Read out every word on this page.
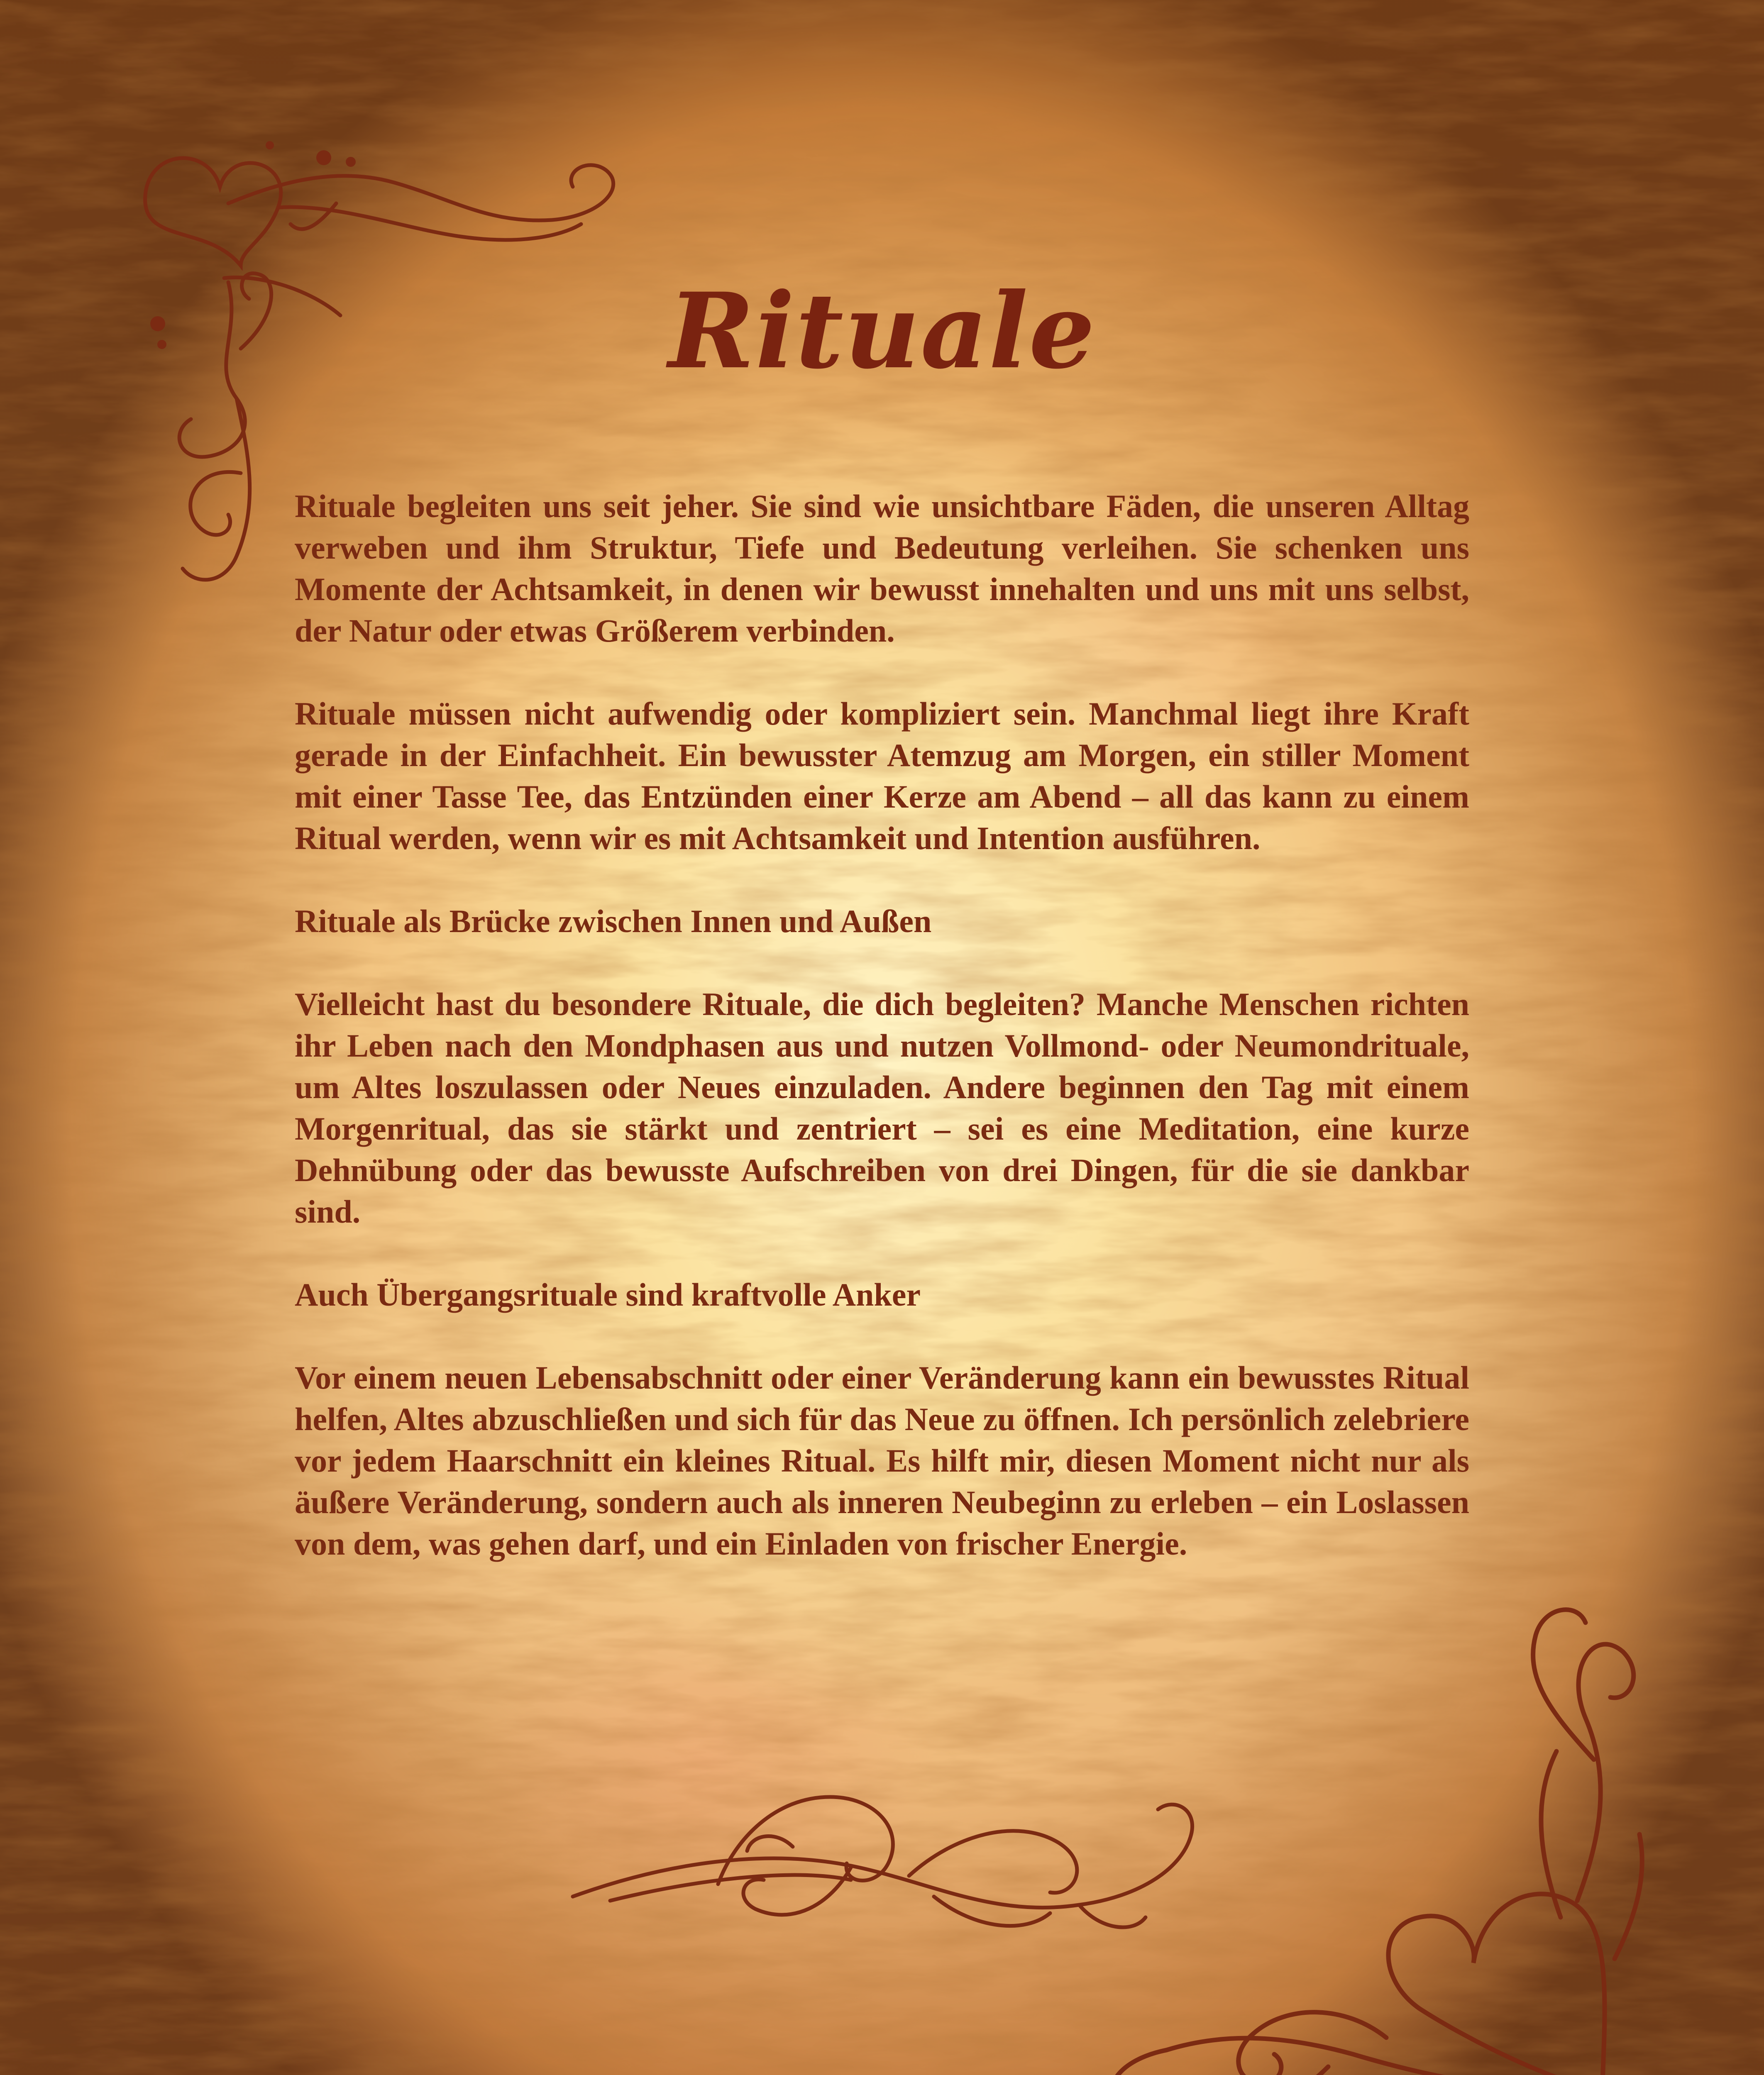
Rituale

Rituale begleiten uns seit jeher. Sie sind wie unsichtbare Fäden, die unseren Alltag verweben und ihm Struktur, Tiefe und Bedeutung verleihen. Sie schenken uns Momente der Achtsamkeit, in denen wir bewusst innehalten und uns mit uns selbst, der Natur oder etwas Größerem verbinden.

Rituale müssen nicht aufwendig oder kompliziert sein. Manchmal liegt ihre Kraft gerade in der Einfachheit. Ein bewusster Atemzug am Morgen, ein stiller Moment mit einer Tasse Tee, das Entzünden einer Kerze am Abend – all das kann zu einem Ritual werden, wenn wir es mit Achtsamkeit und Intention ausführen.

Rituale als Brücke zwischen Innen und Außen

Vielleicht hast du besondere Rituale, die dich begleiten? Manche Menschen richten ihr Leben nach den Mondphasen aus und nutzen Vollmond- oder Neumondrituale, um Altes loszulassen oder Neues einzuladen. Andere beginnen den Tag mit einem Morgenritual, das sie stärkt und zentriert – sei es eine Meditation, eine kurze Dehnübung oder das bewusste Aufschreiben von drei Dingen, für die sie dankbar sind.

Auch Übergangsrituale sind kraftvolle Anker

Vor einem neuen Lebensabschnitt oder einer Veränderung kann ein bewusstes Ritual helfen, Altes abzuschließen und sich für das Neue zu öffnen. Ich persönlich zelebriere vor jedem Haarschnitt ein kleines Ritual. Es hilft mir, diesen Moment nicht nur als äußere Veränderung, sondern auch als inneren Neubeginn zu erleben – ein Loslassen von dem, was gehen darf, und ein Einladen von frischer Energie.
